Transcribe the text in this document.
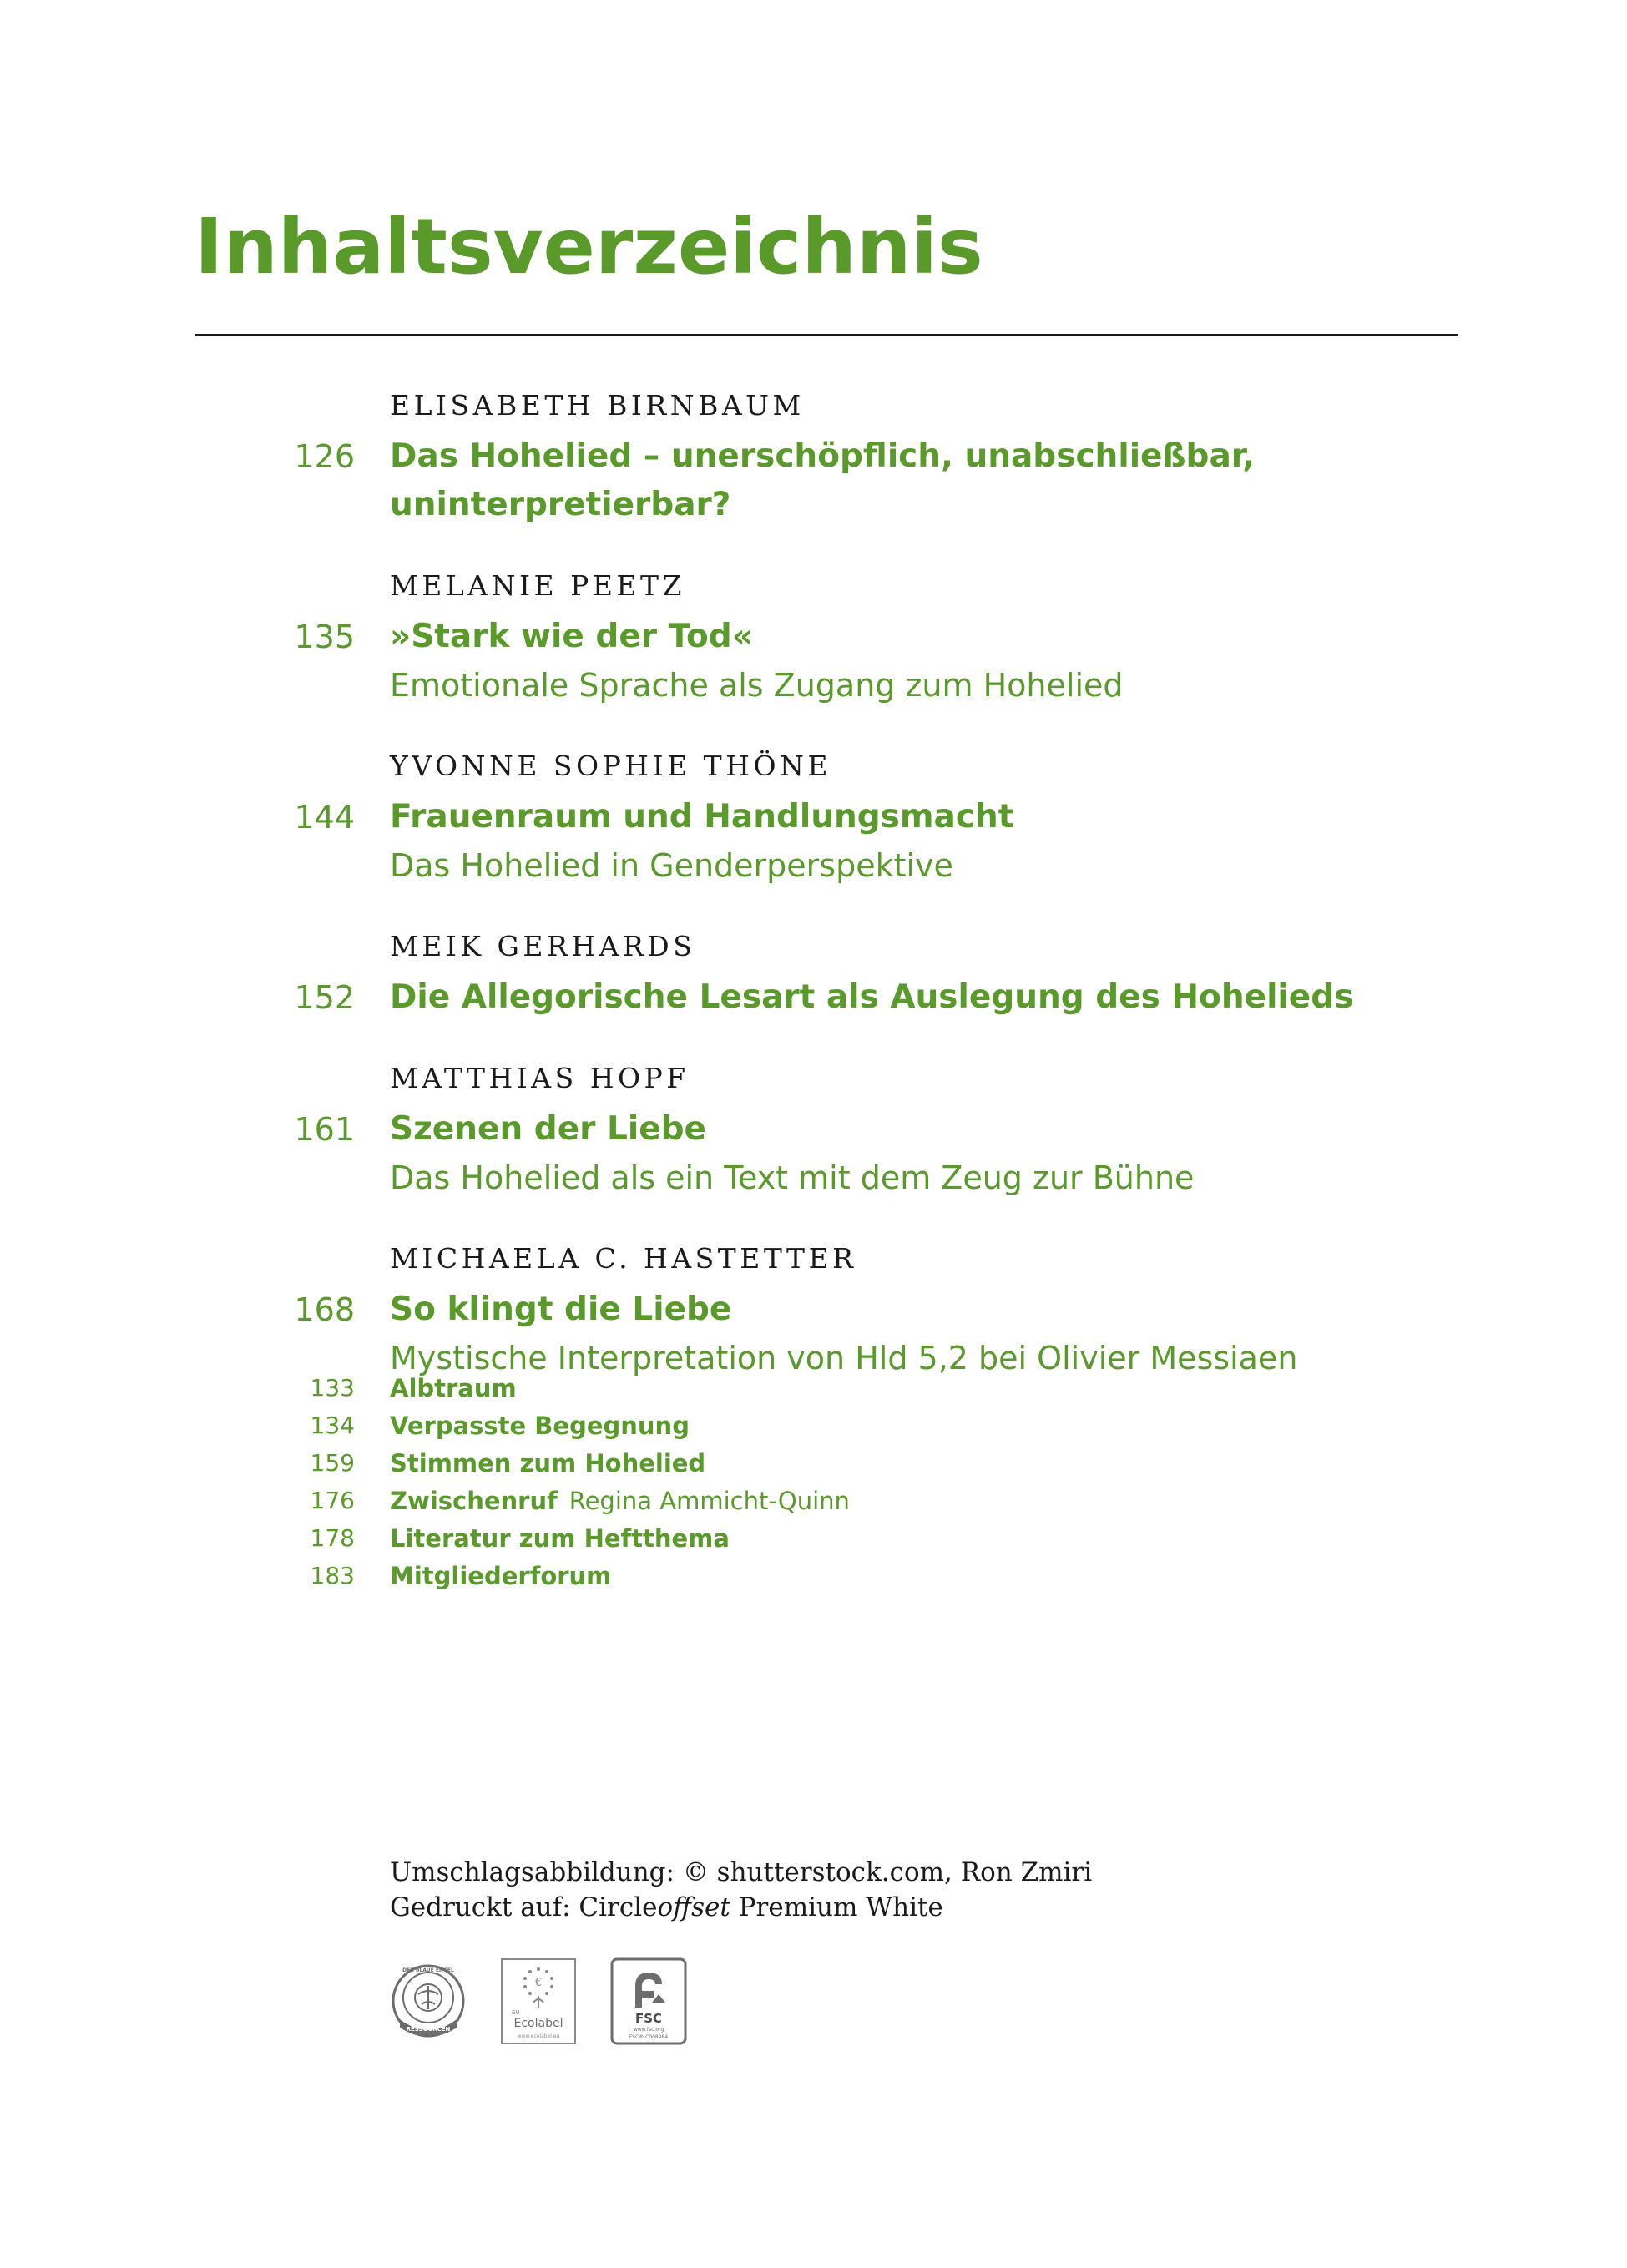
Inhaltsverzeichnis
ELISABETH BIRNBAUM
126 Das Hohelied – unerschöpflich, unabschließbar,
uninterpretierbar?
MELANIE PEETZ
135 »Stark wie der Tod«
Emotionale Sprache als Zugang zum Hohelied
YVONNE SOPHIE THÖNE
144 Frauenraum und Handlungsmacht
Das Hohelied in Genderperspektive
MEIK GERHARDS
152 Die Allegorische Lesart als Auslegung des Hohelieds
MATTHIAS HOPF
161 Szenen der Liebe
Das Hohelied als ein Text mit dem Zeug zur Bühne
MICHAELA C. HASTETTER
168 So klingt die Liebe
Mystische Interpretation von Hld 5,2 bei Olivier Messiaen
133 Albtraum
134 Verpasste Begegnung
159 Stimmen zum Hohelied
176 Zwischenruf Regina Ammicht-Quinn
178 Literatur zum Heftthema
183 Mitgliederforum
Umschlagsabbildung: © shutterstock.com, Ron Zmiri
Gedruckt auf: Circleoffset Premium White
RESSOURCEN
DER BLAUE ENGEL
€
EU
Ecolabel
www.ecolabel.eu
FSC
www.fsc.org
FSC® C008984
